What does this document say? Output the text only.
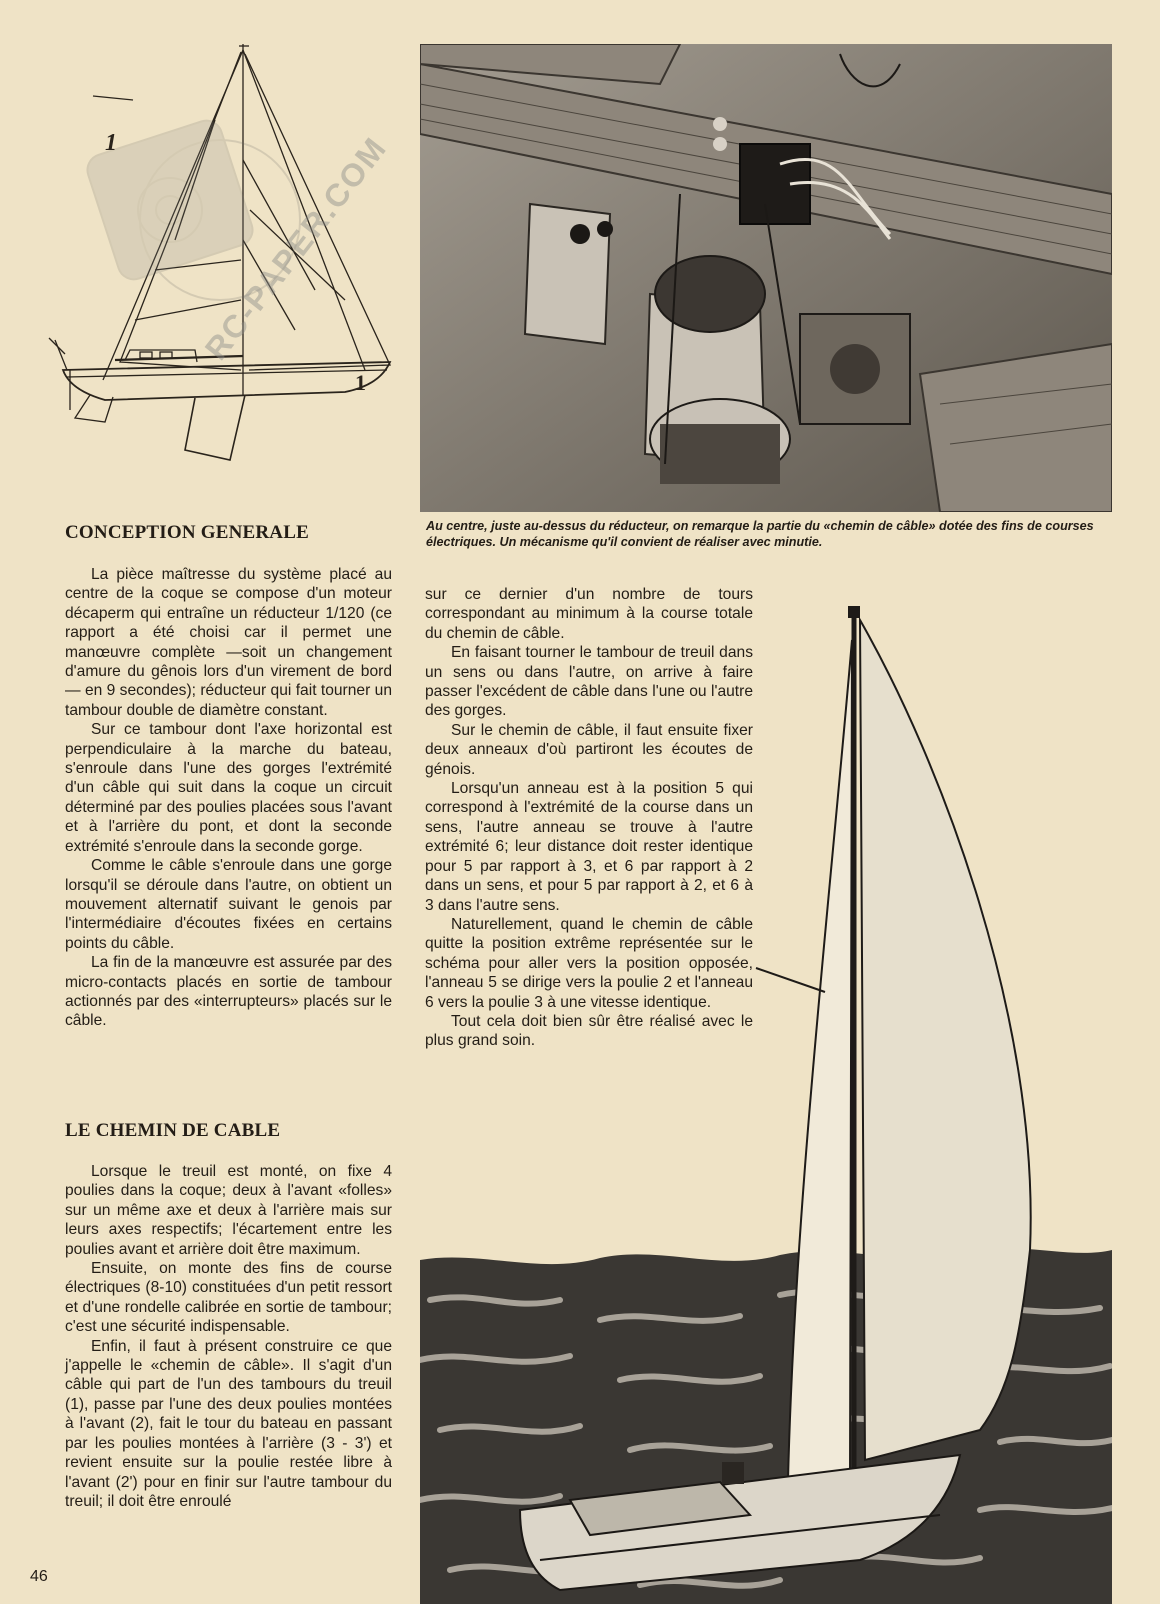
1
1
RC-PAPER.COM
Au centre, juste au-dessus du réducteur, on remarque la partie du «chemin de câble» dotée des fins de courses électriques. Un mécanisme qu'il convient de réaliser avec minutie.
CONCEPTION GENERALE

La pièce maîtresse du système placé au centre de la coque se compose d'un moteur décaperm qui entraîne un réducteur 1/120 (ce rapport a été choisi car il permet une manœuvre complète —soit un changement d'amure du gênois lors d'un virement de bord— en 9 secondes); réducteur qui fait tourner un tambour double de diamètre constant.

Sur ce tambour dont l'axe horizontal est perpendiculaire à la marche du bateau, s'enroule dans l'une des gorges l'extrémité d'un câble qui suit dans la coque un circuit déterminé par des poulies placées sous l'avant et à l'arrière du pont, et dont la seconde extrémité s'enroule dans la seconde gorge.

Comme le câble s'enroule dans une gorge lorsqu'il se déroule dans l'autre, on obtient un mouvement alternatif suivant le genois par l'intermédiaire d'écoutes fixées en certains points du câble.

La fin de la manœuvre est assurée par des micro-contacts placés en sortie de tambour actionnés par des «interrupteurs» placés sur le câble.

LE CHEMIN DE CABLE

Lorsque le treuil est monté, on fixe 4 poulies dans la coque; deux à l'avant «folles» sur un même axe et deux à l'arrière mais sur leurs axes respectifs; l'écartement entre les poulies avant et arrière doit être maximum.

Ensuite, on monte des fins de course électriques (8-10) constituées d'un petit ressort et d'une rondelle calibrée en sortie de tambour; c'est une sécurité indispensable.

Enfin, il faut à présent construire ce que j'appelle le «chemin de câble». Il s'agit d'un câble qui part de l'un des tambours du treuil (1), passe par l'une des deux poulies montées à l'avant (2), fait le tour du bateau en passant par les poulies montées à l'arrière (3 - 3') et revient ensuite sur la poulie restée libre à l'avant (2') pour en finir sur l'autre tambour du treuil; il doit être enroulé

sur ce dernier d'un nombre de tours correspondant au minimum à la course totale du chemin de câble.

En faisant tourner le tambour de treuil dans un sens ou dans l'autre, on arrive à faire passer l'excédent de câble dans l'une ou l'autre des gorges.

Sur le chemin de câble, il faut ensuite fixer deux anneaux d'où partiront les écoutes de génois.

Lorsqu'un anneau est à la position 5 qui correspond à l'extrémité de la course dans un sens, l'autre anneau se trouve à l'autre extrémité 6; leur distance doit rester identique pour 5 par rapport à 3, et 6 par rapport à 2 dans un sens, et pour 5 par rapport à 2, et 6 à 3 dans l'autre sens.

Naturellement, quand le chemin de câble quitte la position extrême représentée sur le schéma pour aller vers la position opposée, l'anneau 5 se dirige vers la poulie 2 et l'anneau 6 vers la poulie 3 à une vitesse identique.

Tout cela doit bien sûr être réalisé avec le plus grand soin.

46
